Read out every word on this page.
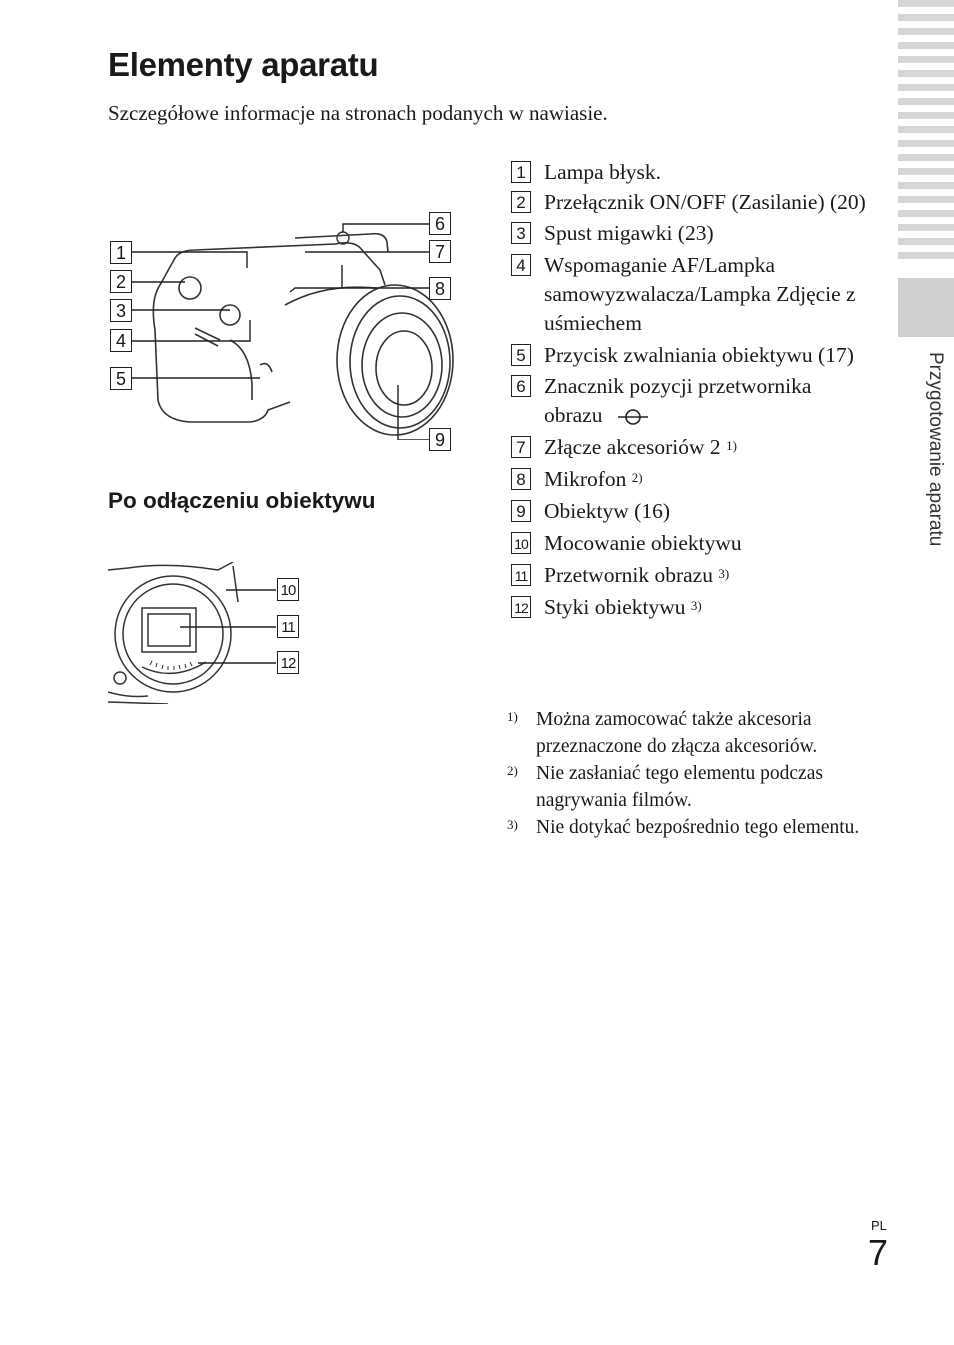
Elementy aparatu
Szczegółowe informacje na stronach podanych w nawiasie.
Przygotowanie aparatu
1
2
3
4
5
6
7
8
9
Po odłączeniu obiektywu
10
11
12
1 Lampa błysk.
2 Przełącznik ON/OFF (Zasilanie) (20)
3 Spust migawki (23)
4 Wspomaganie AF/Lampka samowyzwalacza/Lampka Zdjęcie z uśmiechem
5 Przycisk zwalniania obiektywu (17)
6 Znacznik pozycji przetwornika obrazu
7 Złącze akcesoriów 2 $^{1)}$
8 Mikrofon $^{2)}$
9 Obiektyw (16)
10 Mocowanie obiektywu
11 Przetwornik obrazu $^{3)}$
12 Styki obiektywu $^{3)}$
1) Można zamocować także akcesoria przeznaczone do złącza akcesoriów.
2) Nie zasłaniać tego elementu podczas nagrywania filmów.
3) Nie dotykać bezpośrednio tego elementu.
PL
7
